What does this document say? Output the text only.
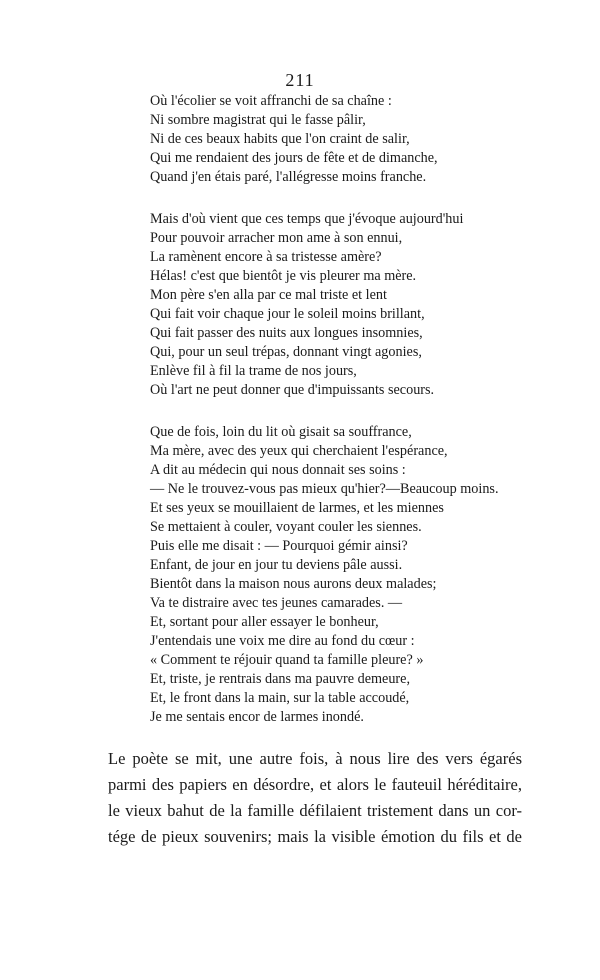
211
Où l'écolier se voit affranchi de sa chaîne :
Ni sombre magistrat qui le fasse pâlir,
Ni de ces beaux habits que l'on craint de salir,
Qui me rendaient des jours de fête et de dimanche,
Quand j'en étais paré, l'allégresse moins franche.
Mais d'où vient que ces temps que j'évoque aujourd'hui
Pour pouvoir arracher mon ame à son ennui,
La ramènent encore à sa tristesse amère?
Hélas! c'est que bientôt je vis pleurer ma mère.
Mon père s'en alla par ce mal triste et lent
Qui fait voir chaque jour le soleil moins brillant,
Qui fait passer des nuits aux longues insomnies,
Qui, pour un seul trépas, donnant vingt agonies,
Enlève fil à fil la trame de nos jours,
Où l'art ne peut donner que d'impuissants secours.
Que de fois, loin du lit où gisait sa souffrance,
Ma mère, avec des yeux qui cherchaient l'espérance,
A dit au médecin qui nous donnait ses soins :
— Ne le trouvez-vous pas mieux qu'hier?—Beaucoup moins.
Et ses yeux se mouillaient de larmes, et les miennes
Se mettaient à couler, voyant couler les siennes.
Puis elle me disait : — Pourquoi gémir ainsi?
Enfant, de jour en jour tu deviens pâle aussi.
Bientôt dans la maison nous aurons deux malades;
Va te distraire avec tes jeunes camarades. —
Et, sortant pour aller essayer le bonheur,
J'entendais une voix me dire au fond du cœur :
« Comment te réjouir quand ta famille pleure? »
Et, triste, je rentrais dans ma pauvre demeure,
Et, le front dans la main, sur la table accoudé,
Je me sentais encor de larmes inondé.
Le poète se mit, une autre fois, à nous lire des vers égarés
parmi des papiers en désordre, et alors le fauteuil héréditaire,
le vieux bahut de la famille défilaient tristement dans un cor-
tége de pieux souvenirs; mais la visible émotion du fils et de
